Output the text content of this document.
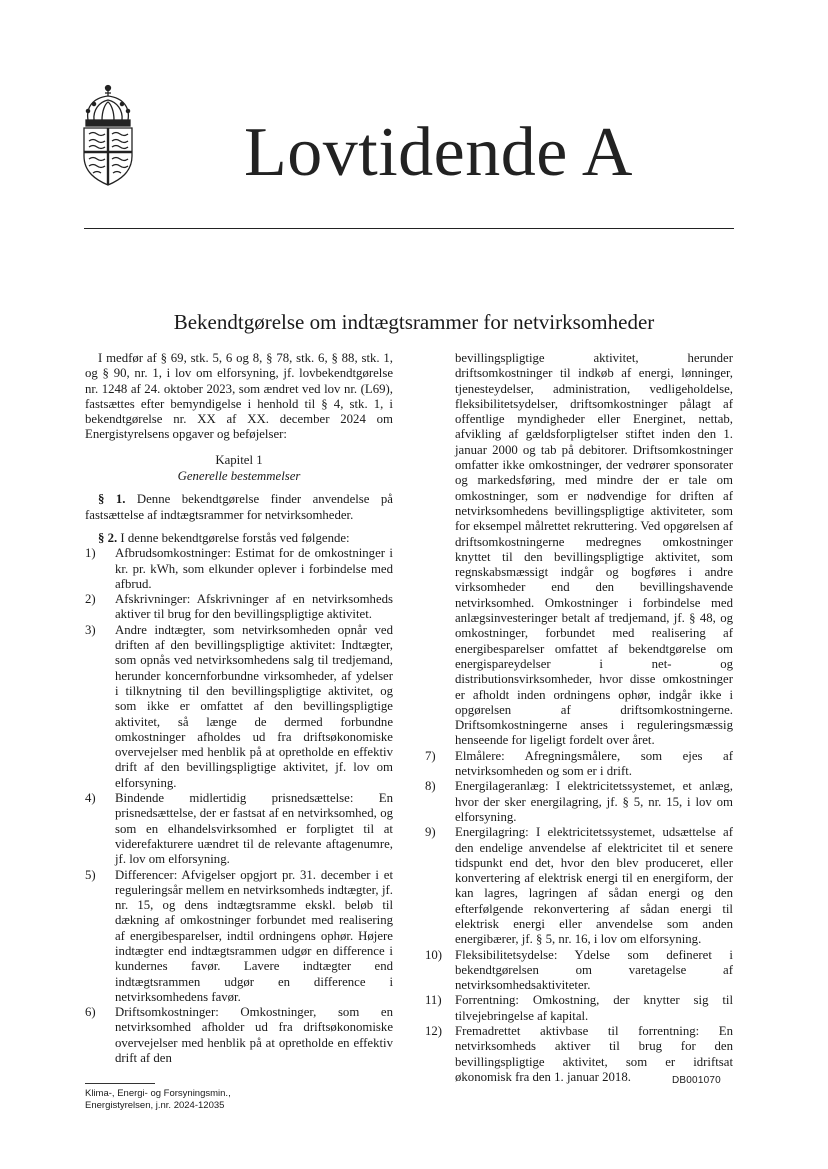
Lovtidende A
Bekendtgørelse om indtægtsrammer for netvirksomheder

I medfør af § 69, stk. 5, 6 og 8, § 78, stk. 6, § 88, stk. 1, og § 90, nr. 1, i lov om elforsyning, jf. lovbekendtgørelse nr. 1248 af 24. oktober 2023, som ændret ved lov nr. (L69), fastsættes efter bemyndigelse i henhold til § 4, stk. 1, i bekendtgørelse nr. XX af XX. december 2024 om Energistyrelsens opgaver og beføjelser:

Kapitel 1
Generelle bestemmelser

§ 1. Denne bekendtgørelse finder anvendelse på fastsættelse af indtægtsrammer for netvirksomheder.

§ 2. I denne bekendtgørelse forstås ved følgende:

1)	Afbrudsomkostninger: Estimat for de omkostninger i kr. pr. kWh, som elkunder oplever i forbindelse med afbrud.
2)	Afskrivninger: Afskrivninger af en netvirksomheds aktiver til brug for den bevillingspligtige aktivitet.
3)	Andre indtægter, som netvirksomheden opnår ved driften af den bevillingspligtige aktivitet: Indtægter, som opnås ved netvirksomhedens salg til tredjemand, herunder koncernforbundne virksomheder, af ydelser i tilknytning til den bevillingspligtige aktivitet, og som ikke er omfattet af den bevillingspligtige aktivitet, så længe de dermed forbundne omkostninger afholdes ud fra driftsøkonomiske overvejelser med henblik på at opretholde en effektiv drift af den bevillingspligtige aktivitet, jf. lov om elforsyning.
4)	Bindende midlertidig prisnedsættelse: En prisnedsættelse, der er fastsat af en netvirksomhed, og som en elhandelsvirksomhed er forpligtet til at viderefakturere uændret til de relevante aftagenumre, jf. lov om elforsyning.
5)	Differencer: Afvigelser opgjort pr. 31. december i et reguleringsår mellem en netvirksomheds indtægter, jf. nr. 15, og dens indtægtsramme ekskl. beløb til dækning af omkostninger forbundet med realisering af energibesparelser, indtil ordningens ophør. Højere indtægter end indtægtsrammen udgør en difference i kundernes favør. Lavere indtægter end indtægtsrammen udgør en difference i netvirksomhedens favør.
6)	Driftsomkostninger: Omkostninger, som en netvirksomhed afholder ud fra driftsøkonomiske overvejelser med henblik på at opretholde en effektiv drift af den
bevillingspligtige aktivitet, herunder driftsomkostninger til indkøb af energi, lønninger, tjenesteydelser, administration, vedligeholdelse, fleksibilitetsydelser, driftsomkostninger pålagt af offentlige myndigheder eller Energinet, nettab, afvikling af gældsforpligtelser stiftet inden den 1. januar 2000 og tab på debitorer. Driftsomkostninger omfatter ikke omkostninger, der vedrører sponsorater og markedsføring, med mindre der er tale om omkostninger, som er nødvendige for driften af netvirksomhedens bevillingspligtige aktiviteter, som for eksempel målrettet rekruttering. Ved opgørelsen af driftsomkostningerne medregnes omkostninger knyttet til den bevillingspligtige aktivitet, som regnskabsmæssigt indgår og bogføres i andre virksomheder end den bevillingshavende netvirksomhed. Omkostninger i forbindelse med anlægsinvesteringer betalt af tredjemand, jf. § 48, og omkostninger, forbundet med realisering af energibesparelser omfattet af bekendtgørelse om energispareydelser i net- og distributionsvirksomheder, hvor disse omkostninger er afholdt inden ordningens ophør, indgår ikke i opgørelsen af driftsomkostningerne. Driftsomkostningerne anses i reguleringsmæssig henseende for ligeligt fordelt over året.
7)	Elmålere: Afregningsmålere, som ejes af netvirksomheden og som er i drift.
8)	Energilageranlæg: I elektricitetssystemet, et anlæg, hvor der sker energilagring, jf. § 5, nr. 15, i lov om elforsyning.
9)	Energilagring: I elektricitetssystemet, udsættelse af den endelige anvendelse af elektricitet til et senere tidspunkt end det, hvor den blev produceret, eller konvertering af elektrisk energi til en energiform, der kan lagres, lagringen af sådan energi og den efterfølgende rekonvertering af sådan energi til elektrisk energi eller anvendelse som anden energibærer, jf. § 5, nr. 16, i lov om elforsyning.
10)	Fleksibilitetsydelse: Ydelse som defineret i bekendtgørelsen om varetagelse af netvirksomhedsaktiviteter.
11)	Forrentning: Omkostning, der knytter sig til tilvejebringelse af kapital.
12)	Fremadrettet aktivbase til forrentning: En netvirksomheds aktiver til brug for den bevillingspligtige aktivitet, som er idriftsat økonomisk fra den 1. januar 2018.	DB001070
Klima-, Energi- og Forsyningsmin.,
Energistyrelsen, j.nr. 2024-12035
